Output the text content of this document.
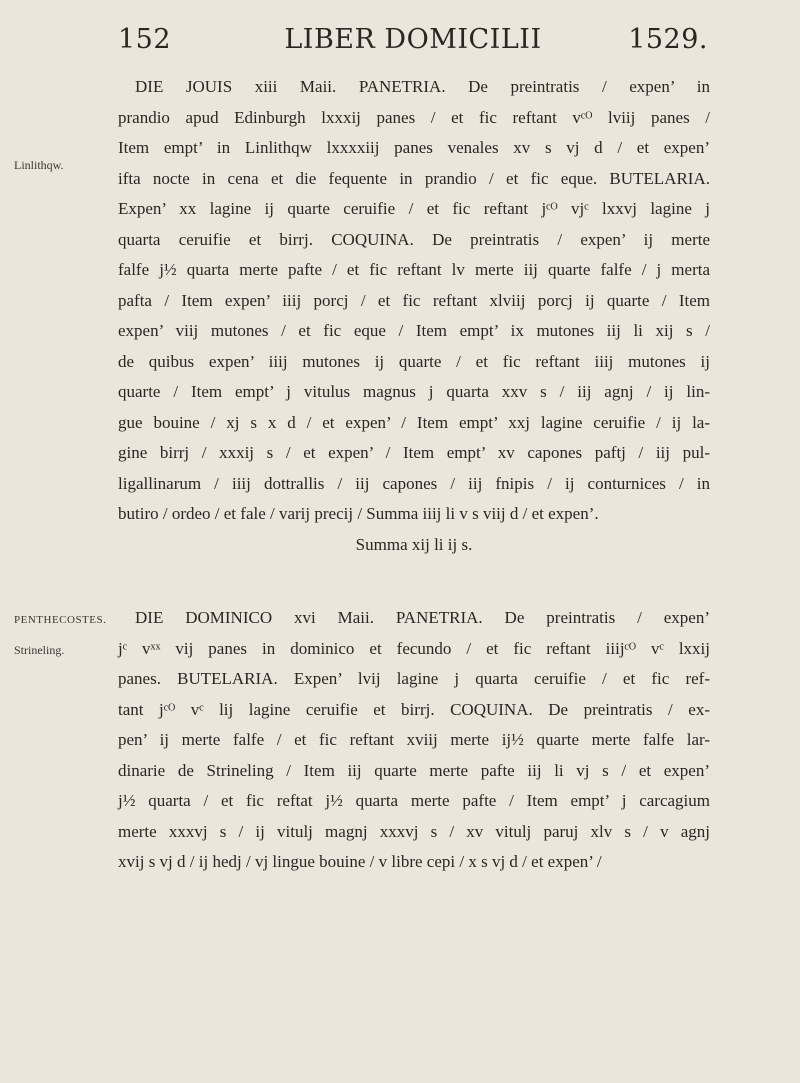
152	LIBER DOMICILII	1529.
Linlithqw.
PENTHECOSTES.
Strineling.
DIE JOUIS xiii Maii. PANETRIA. De preintratis / expen’ in
prandio apud Edinburgh lxxxij panes / et fic reftant vᶜᴼ lviij panes /
Item empt’ in Linlithqw lxxxxiij panes venales xv s vj d / et expen’
ifta nocte in cena et die fequente in prandio / et fic eque. BUTELARIA.
Expen’ xx lagine ij quarte ceruifie / et fic reftant jᶜᴼ vjᶜ lxxvj lagine j
quarta ceruifie et birrj. COQUINA. De preintratis / expen’ ij merte
falfe j½ quarta merte pafte / et fic reftant lv merte iij quarte falfe / j merta
pafta / Item expen’ iiij porcj / et fic reftant xlviij porcj ij quarte / Item
expen’ viij mutones / et fic eque / Item empt’ ix mutones iij li xij s /
de quibus expen’ iiij mutones ij quarte / et fic reftant iiij mutones ij
quarte / Item empt’ j vitulus magnus j quarta xxv s / iij agnj / ij lin-
gue bouine / xj s x d / et expen’ / Item empt’ xxj lagine ceruifie / ij la-
gine birrj / xxxij s / et expen’ / Item empt’ xv capones paftj / iij pul-
ligallinarum / iiij dottrallis / iij capones / iij fnipis / ij conturnices / in
butiro / ordeo / et fale / varij precij / Summa iiij li v s viij d / et expen’.
Summa xij li ij s.
DIE DOMINICO xvi Maii. PANETRIA. De preintratis / expen’
jᶜ vˣˣ vij panes in dominico et fecundo / et fic reftant iiijᶜᴼ vᶜ lxxij
panes. BUTELARIA. Expen’ lvij lagine j quarta ceruifie / et fic ref-
tant jᶜᴼ vᶜ lij lagine ceruifie et birrj. COQUINA. De preintratis / ex-
pen’ ij merte falfe / et fic reftant xviij merte ij½ quarte merte falfe lar-
dinarie de Strineling / Item iij quarte merte pafte iij li vj s / et expen’
j½ quarta / et fic reftat j½ quarta merte pafte / Item empt’ j carcagium
merte xxxvj s / ij vitulj magnj xxxvj s / xv vitulj paruj xlv s / v agnj
xvij s vj d / ij hedj / vj lingue bouine / v libre cepi / x s vj d / et expen’ /
